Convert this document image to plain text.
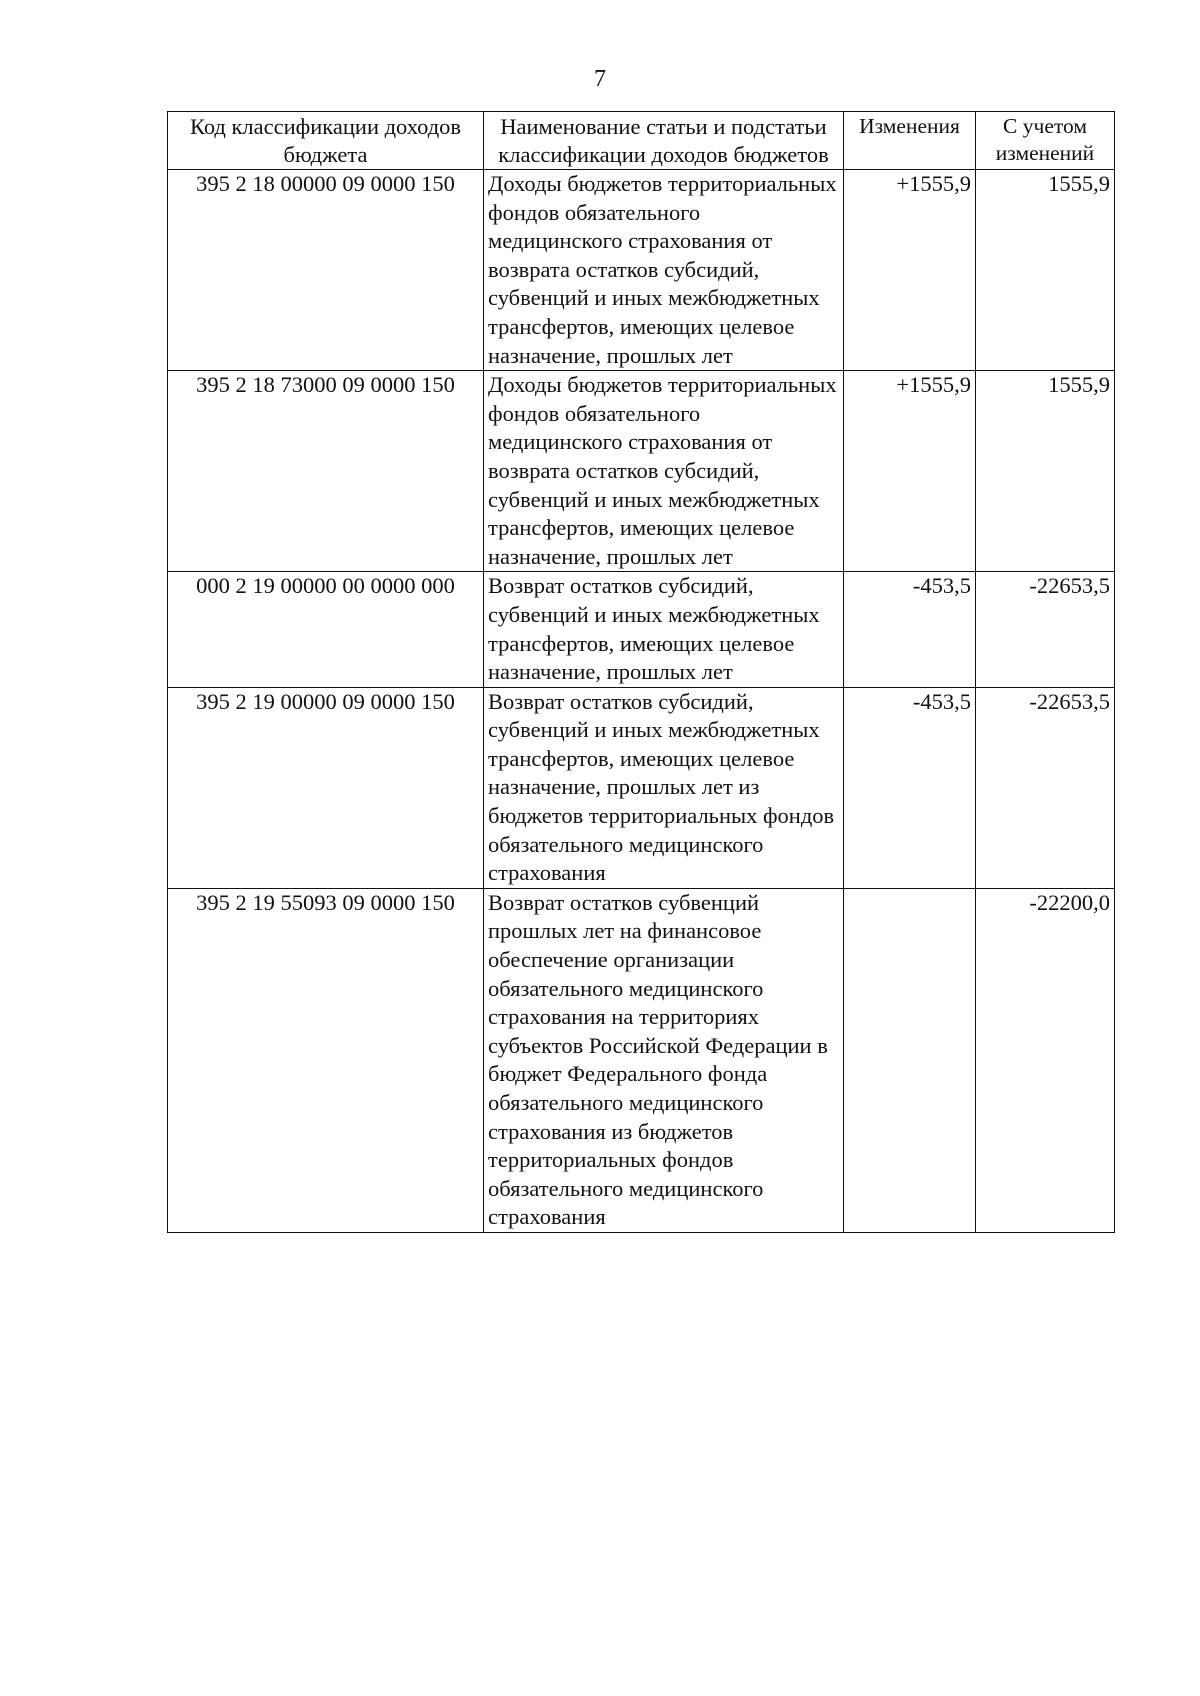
7
Код классификации доходов бюджета	Наименование статьи и подстатьи классификации доходов бюджетов	Изменения	С учетом изменений
395 2 18 00000 09 0000 150	Доходы бюджетов территориальных фондов обязательного медицинского страхования от возврата остатков субсидий, субвенций и иных межбюджетных трансфертов, имеющих целевое назначение, прошлых лет	+1555,9	1555,9
395 2 18 73000 09 0000 150	Доходы бюджетов территориальных фондов обязательного медицинского страхования от возврата остатков субсидий, субвенций и иных межбюджетных трансфертов, имеющих целевое назначение, прошлых лет	+1555,9	1555,9
000 2 19 00000 00 0000 000	Возврат остатков субсидий, субвенций и иных межбюджетных трансфертов, имеющих целевое назначение, прошлых лет	-453,5	-22653,5
395 2 19 00000 09 0000 150	Возврат остатков субсидий, субвенций и иных межбюджетных трансфертов, имеющих целевое назначение, прошлых лет из бюджетов территориальных фондов обязательного медицинского страхования	-453,5	-22653,5
395 2 19 55093 09 0000 150	Возврат остатков субвенций прошлых лет на финансовое обеспечение организации обязательного медицинского страхования на территориях субъектов Российской Федерации в бюджет Федерального фонда обязательного медицинского страхования из бюджетов территориальных фондов обязательного медицинского страхования		-22200,0
